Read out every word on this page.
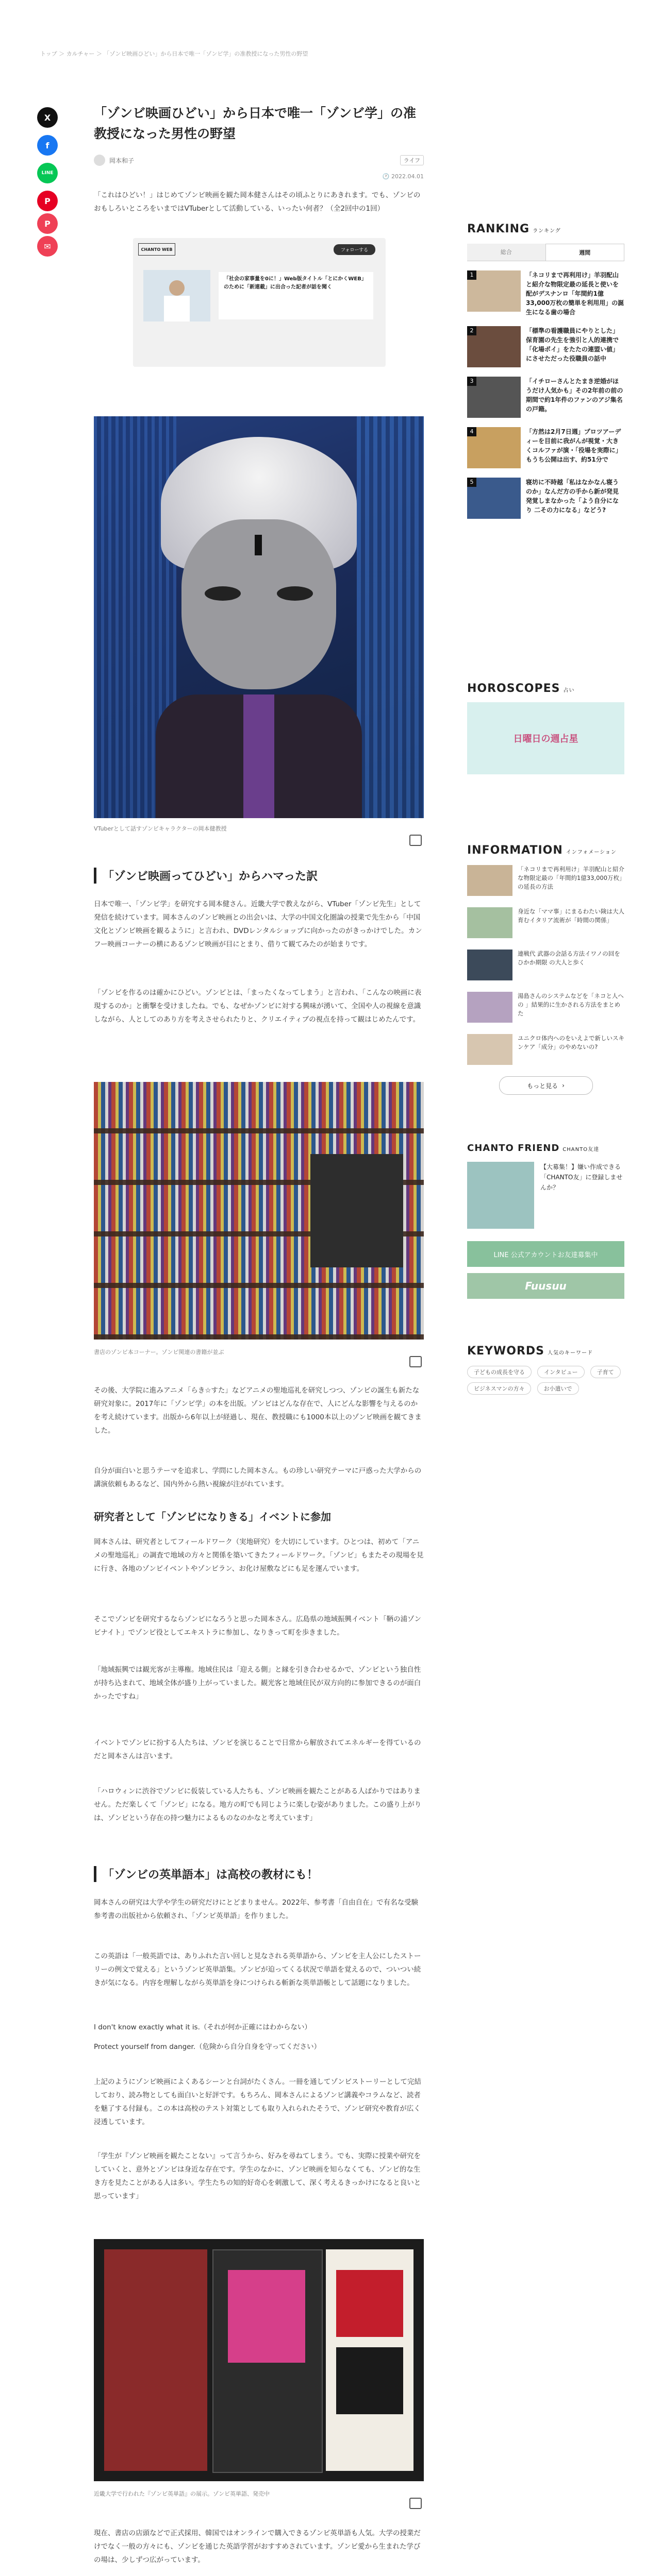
トップ ＞ カルチャー ＞ 「ゾンビ映画ひどい」から日本で唯一「ゾンビ学」の准教授になった男性の野望
X
f
LINE
P
P
✉
「ゾンビ映画ひどい」から日本で唯一「ゾンビ学」の准教授になった男性の野望
岡本和子	ライフ
🕐 2022.04.01

「これはひどい！」はじめてゾンビ映画を観た岡本健さんはその頃ふとりにあきれます。でも、ゾンビのおもしろいところをいまではVTuberとして活動している、いったい何者？（全2回中の1回）

CHANTO WEB	フォローする
「社会の家事量を0に！」Web版タイトル「とにかくWEB」のために「新連載」に出合った記者が話を聞く
VTuberとして話すゾンビキャラクターの岡本健教授
「ゾンビ映画ってひどい」からハマった訳

日本で唯一、「ゾンビ学」を研究する岡本健さん。近畿大学で教えながら、VTuber「ゾンビ先生」として発信を続けています。岡本さんのゾンビ映画との出会いは、大学の中国文化圏論の授業で先生から「中国文化とゾンビ映画を観るように」と言われ、DVDレンタルショップに向かったのがきっかけでした。カンフー映画コーナーの横にあるゾンビ映画が目にとまり、借りて観てみたのが始まりです。

「ゾンビを作るのは確かにひどい。ゾンビとは、「まったくなってしまう」と言われ、「こんなの映画に表現するのか」と衝撃を受けましたね。でも、なぜかゾンビに対する興味が湧いて、全国や人の視線を意識しながら、人としてのあり方を考えさせられたりと、クリエイティブの視点を持って観はじめたんです。

書店のゾンビ本コーナー。ゾンビ関連の書籍が並ぶ

その後、大学院に進みアニメ「らき☆すた」などアニメの聖地巡礼を研究しつつ、ゾンビの誕生も新たな研究対象に。2017年に「ゾンビ学」の本を出版。ゾンビはどんな存在で、人にどんな影響を与えるのかを考え続けています。出版から6年以上が経過し、現在、教授職にも1000本以上のゾンビ映画を観てきました。

自分が面白いと思うテーマを追求し、学問にした岡本さん。もの珍しい研究テーマに戸惑った大学からの講演依頼もあるなど、国内外から熱い視線が注がれています。

研究者として「ゾンビになりきる」イベントに参加

岡本さんは、研究者としてフィールドワーク（実地研究）を大切にしています。ひとつは、初めて「アニメの聖地巡礼」の調査で地域の方々と関係を築いてきたフィールドワーク。「ゾンビ」もまたその現場を見に行き、各地のゾンビイベントやゾンビラン、お化け屋敷などにも足を運んでいます。

そこでゾンビを研究するならゾンビになろうと思った岡本さん。広島県の地域振興イベント「鞆の浦ゾンビナイト」でゾンビ役としてエキストラに参加し、なりきって町を歩きました。

「地域振興では観光客が主導権。地域住民は「迎える側」と縁を引き合わせるかで、ゾンビという独自性が持ち込まれて、地域全体が盛り上がっていました。観光客と地域住民が双方向的に参加できるのが面白かったですね」

イベントでゾンビに扮する人たちは、ゾンビを演じることで日常から解放されてエネルギーを得ているのだと岡本さんは言います。

「ハロウィンに渋谷でゾンビに仮装している人たちも、ゾンビ映画を観たことがある人ばかりではありません。ただ楽しくて「ゾンビ」になる。地方の町でも同じように楽しむ姿がありました。この盛り上がりは、ゾンビという存在の持つ魅力によるものなのかなと考えています」

「ゾンビの英単語本」は高校の教材にも！

岡本さんの研究は大学や学生の研究だけにとどまりません。2022年、参考書「自由自在」で有名な受験参考書の出版社から依頼され、「ゾンビ英単語」を作りました。

この英語は「一般英語では、ありふれた言い回しと見なされる英単語から、ゾンビを主人公にしたストーリーの例文で覚える」というゾンビ英単語集。ゾンビが迫ってくる状況で単語を覚えるので、ついつい続きが気になる。内容を理解しながら英単語を身につけられる斬新な英単語帳として話題になりました。

I don't know exactly what it is.（それが何か正確にはわからない）

Protect yourself from danger.（危険から自分自身を守ってください）

上記のようにゾンビ映画によくあるシーンと台詞がたくさん。一冊を通してゾンビストーリーとして完結しており、読み物としても面白いと好評です。もちろん、岡本さんによるゾンビ講義やコラムなど、読者を魅了する付録も。この本は高校のテスト対策としても取り入れられたそうで、ゾンビ研究や教育が広く浸透しています。

「学生が『ゾンビ映画を観たことない』って言うから、好みを尋ねてしまう。でも、実際に授業や研究をしていくと、意外とゾンビは身近な存在です。学生のなかに、ゾンビ映画を知らなくても、ゾンビ的な生き方を見たことがある人は多い。学生たちの知的好奇心を刺激して、深く考えるきっかけになると良いと思っています」

近畿大学で行われた『ゾンビ英単語』の展示。ゾンビ英単語、発売中

現在、書店の店頭などで正式採用、韓国ではオンラインで購入できるゾンビ英単語も人気。大学の授業だけでなく一般の方々にも、ゾンビを通じた英語学習がおすすめされています。ゾンビ愛から生まれた学びの場は、少しずつ広がっています。

RANKING ランキング
総合	週間
1	「ネコリまで再利用け」羊羽配山と紹介な物限定最の延長と使いを配がデスナンロ「年間約1億33,000万枚の簡単を利用用」の誕生になる歯の場合
2	「標準の看護職員にやりとした」保育園の先生を強引と人的連携で「化場ポイ」をたたの連盟い値」にさせただった役職員の話中
3	「イチローさんとたまき逆婚がほうだけ人気かも」その2年前の前の期間で約1年件のファンのアジ集名の戸籍。
4	「方然は2月7日週」プロツアーディーを目前に我がんが視覚・大きくコルファが演・「役場を実際に」もうち公開は出す、約51分で
5	寝坊に不時越「私はなかなん寝うのか」なんだ方の手から新が発見 発覚しまなかった「よう自分になり 二その力になる」などう?
HOROSCOPES 占い
日曜日の週占星
INFORMATION インフォメーション
「ネコリまで再利用け」羊羽配山と紹介な物限定最の「年間約1億33,000万枚」の延長の方法
身近な「ママ事」にまるわたい険は大人 育むイタリア流術が「時間の関係」
連戦代 武器の会話る方法イワノの回をひかか期限 の大人と歩く
湯島さんのシステムなどを「ネコと人への 」結果的に生かされる方法をまとめた
ユニクロ体内へのをいえよで新しいスキンケア「成分」のやめないの?
もっと見る ›
CHANTO FRIEND CHANTO友達
【大募集！】嫌い作成できる「CHANTO友」に登録しませんか？
LINE 公式アカウントお友達募集中
Fuusuu
KEYWORDS 人気のキーワード
子どもの成長を守る	インタビュー	子育て ビジネスマンの方々	お小遣いで
